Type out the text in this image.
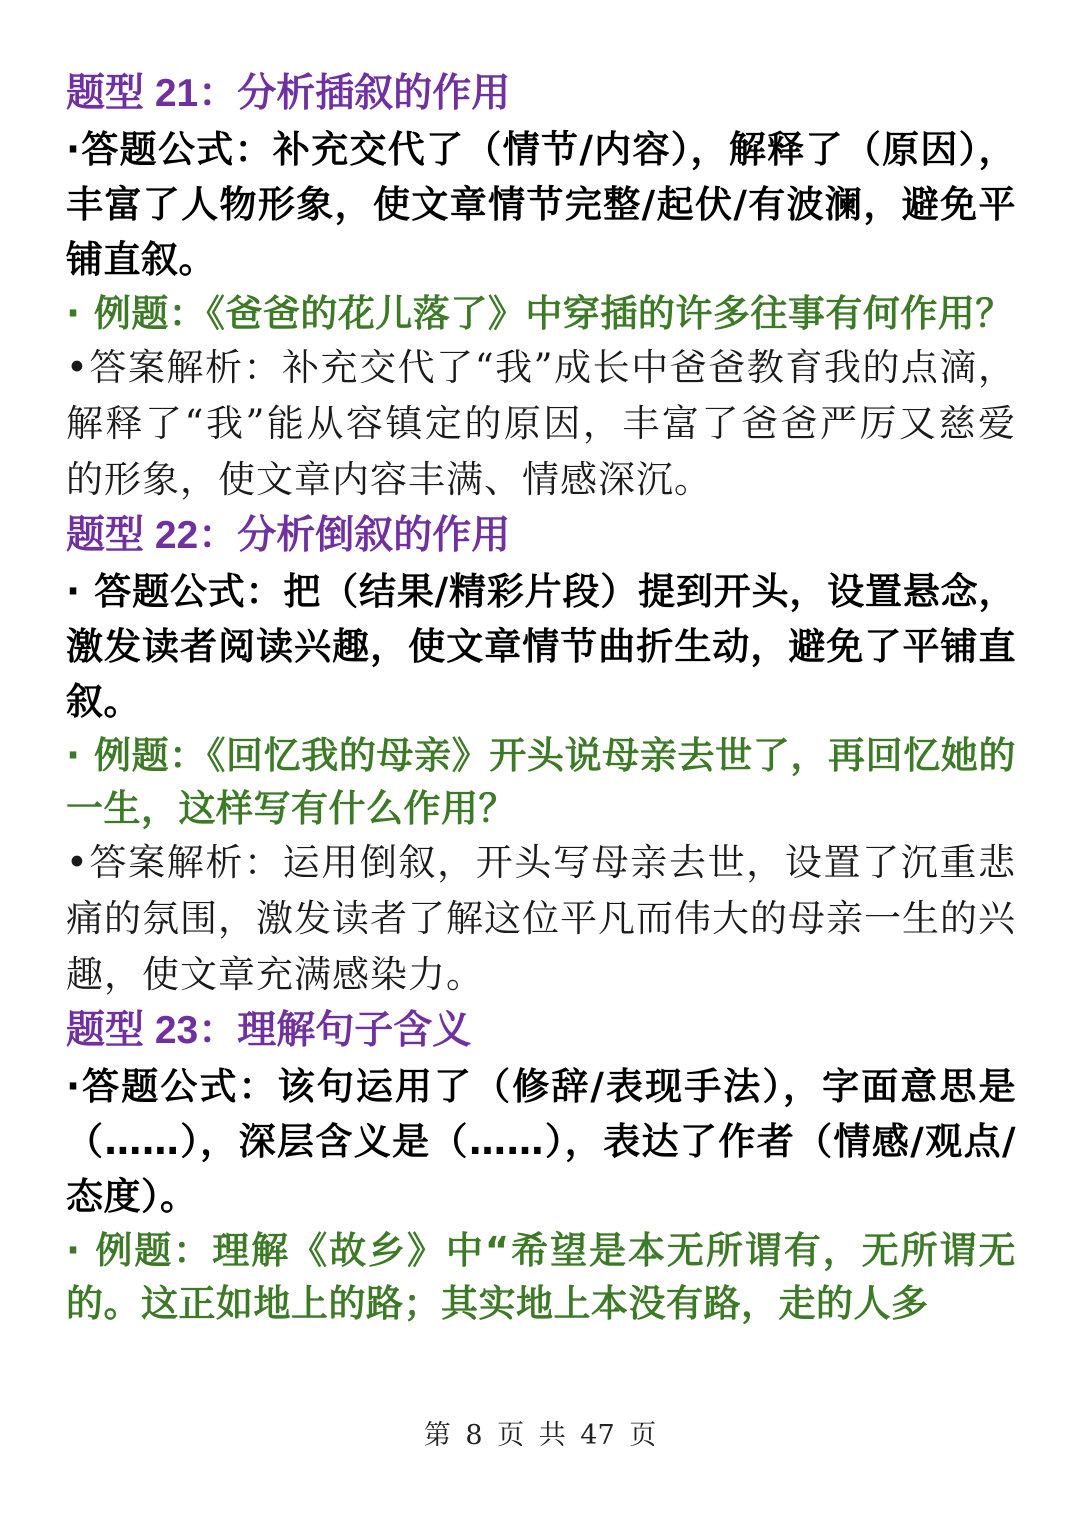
题型 21：分析插叙的作用
·答题公式：补充交代了（情节/内容），解释了（原因），丰富了人物形象，使文章情节完整/起伏/有波澜，避免平铺直叙。
· 例题：《爸爸的花儿落了》中穿插的许多往事有何作用？
•答案解析：补充交代了“我”成长中爸爸教育我的点滴，解释了“我”能从容镇定的原因，丰富了爸爸严厉又慈爱的形象，使文章内容丰满、情感深沉。
题型 22：分析倒叙的作用
· 答题公式：把（结果/精彩片段）提到开头，设置悬念，激发读者阅读兴趣，使文章情节曲折生动，避免了平铺直叙。
· 例题：《回忆我的母亲》开头说母亲去世了，再回忆她的一生，这样写有什么作用？
•答案解析：运用倒叙，开头写母亲去世，设置了沉重悲痛的氛围，激发读者了解这位平凡而伟大的母亲一生的兴趣，使文章充满感染力。
题型 23：理解句子含义
·答题公式：该句运用了（修辞/表现手法），字面意思是（……），深层含义是（……），表达了作者（情感/观点/态度）。
· 例题：理解《故乡》中“希望是本无所谓有，无所谓无的。这正如地上的路；其实地上本没有路，走的人多
第 8 页 共 47 页
